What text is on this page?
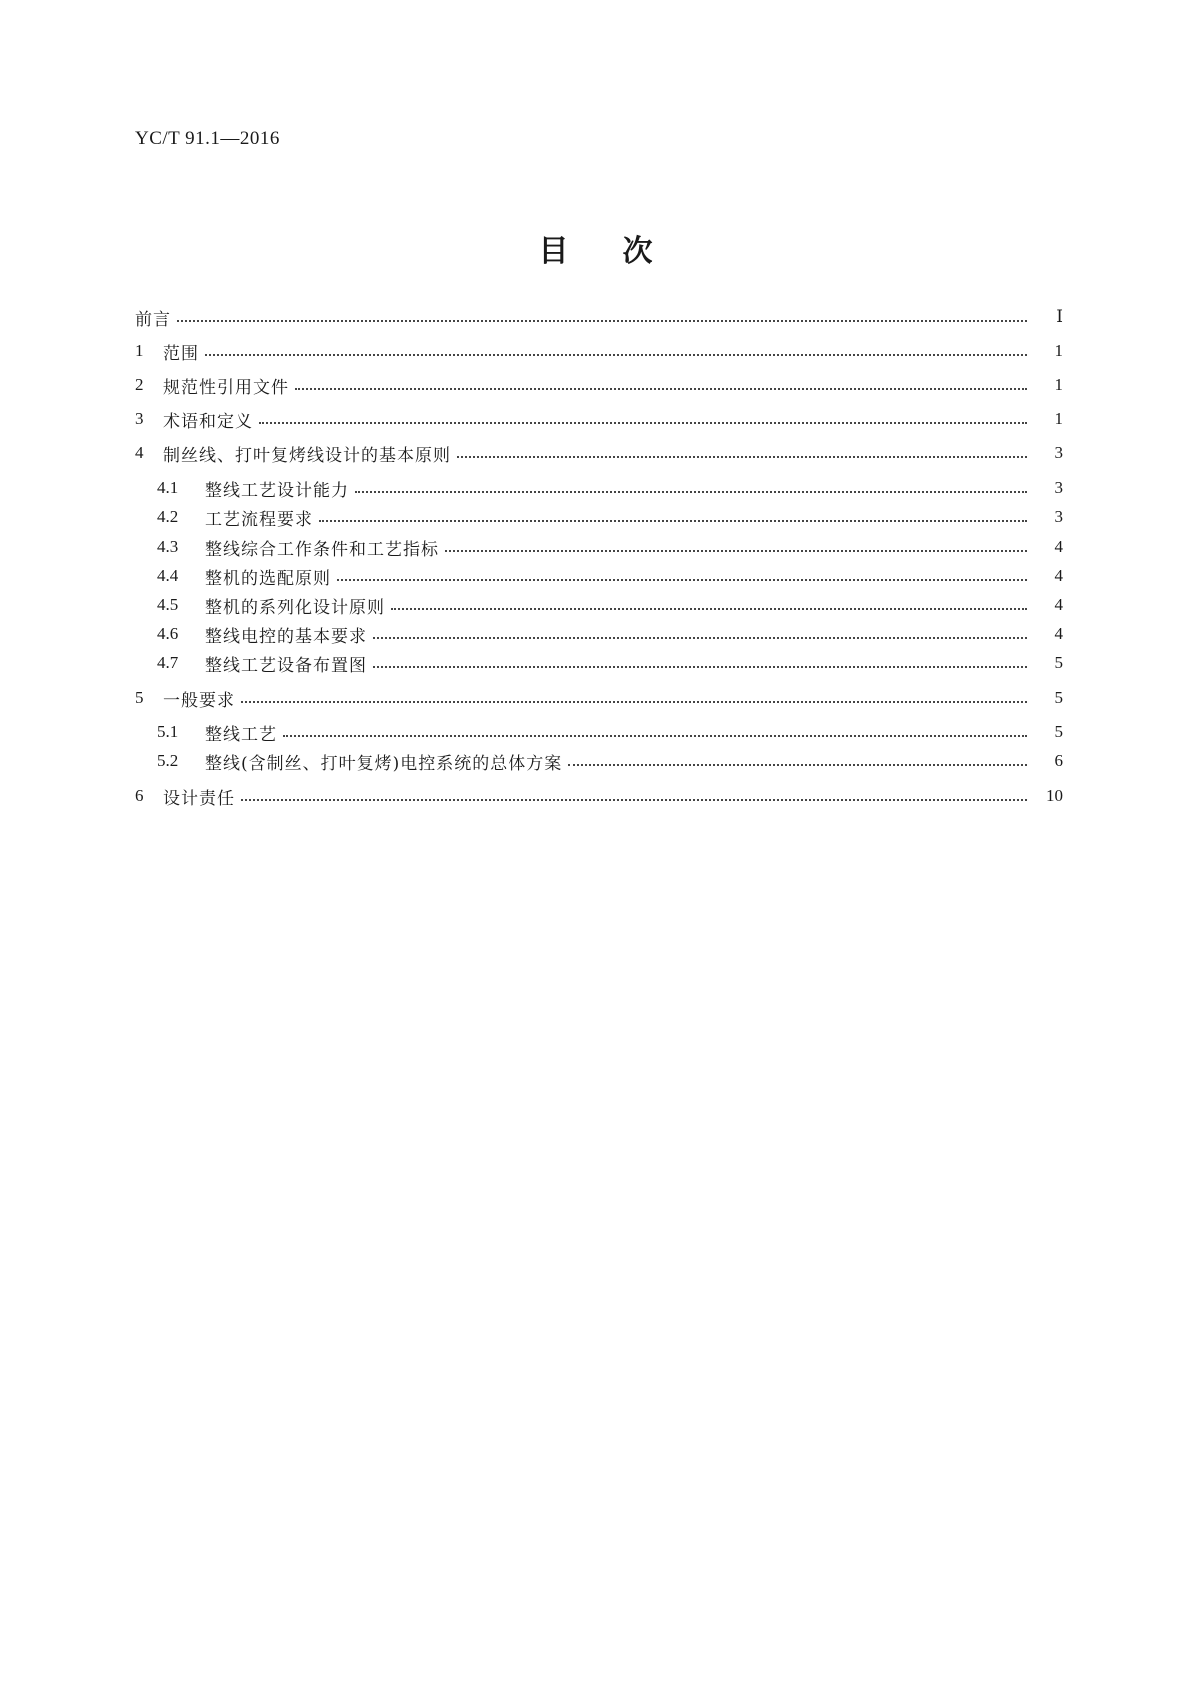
YC/T 91.1—2016
目次
前言	Ⅰ
1	范围	1
2	规范性引用文件	1
3	术语和定义	1
4	制丝线、打叶复烤线设计的基本原则	3
4.1	整线工艺设计能力	3
4.2	工艺流程要求	3
4.3	整线综合工作条件和工艺指标	4
4.4	整机的选配原则	4
4.5	整机的系列化设计原则	4
4.6	整线电控的基本要求	4
4.7	整线工艺设备布置图	5
5	一般要求	5
5.1	整线工艺	5
5.2	整线(含制丝、打叶复烤)电控系统的总体方案	6
6	设计责任	10
